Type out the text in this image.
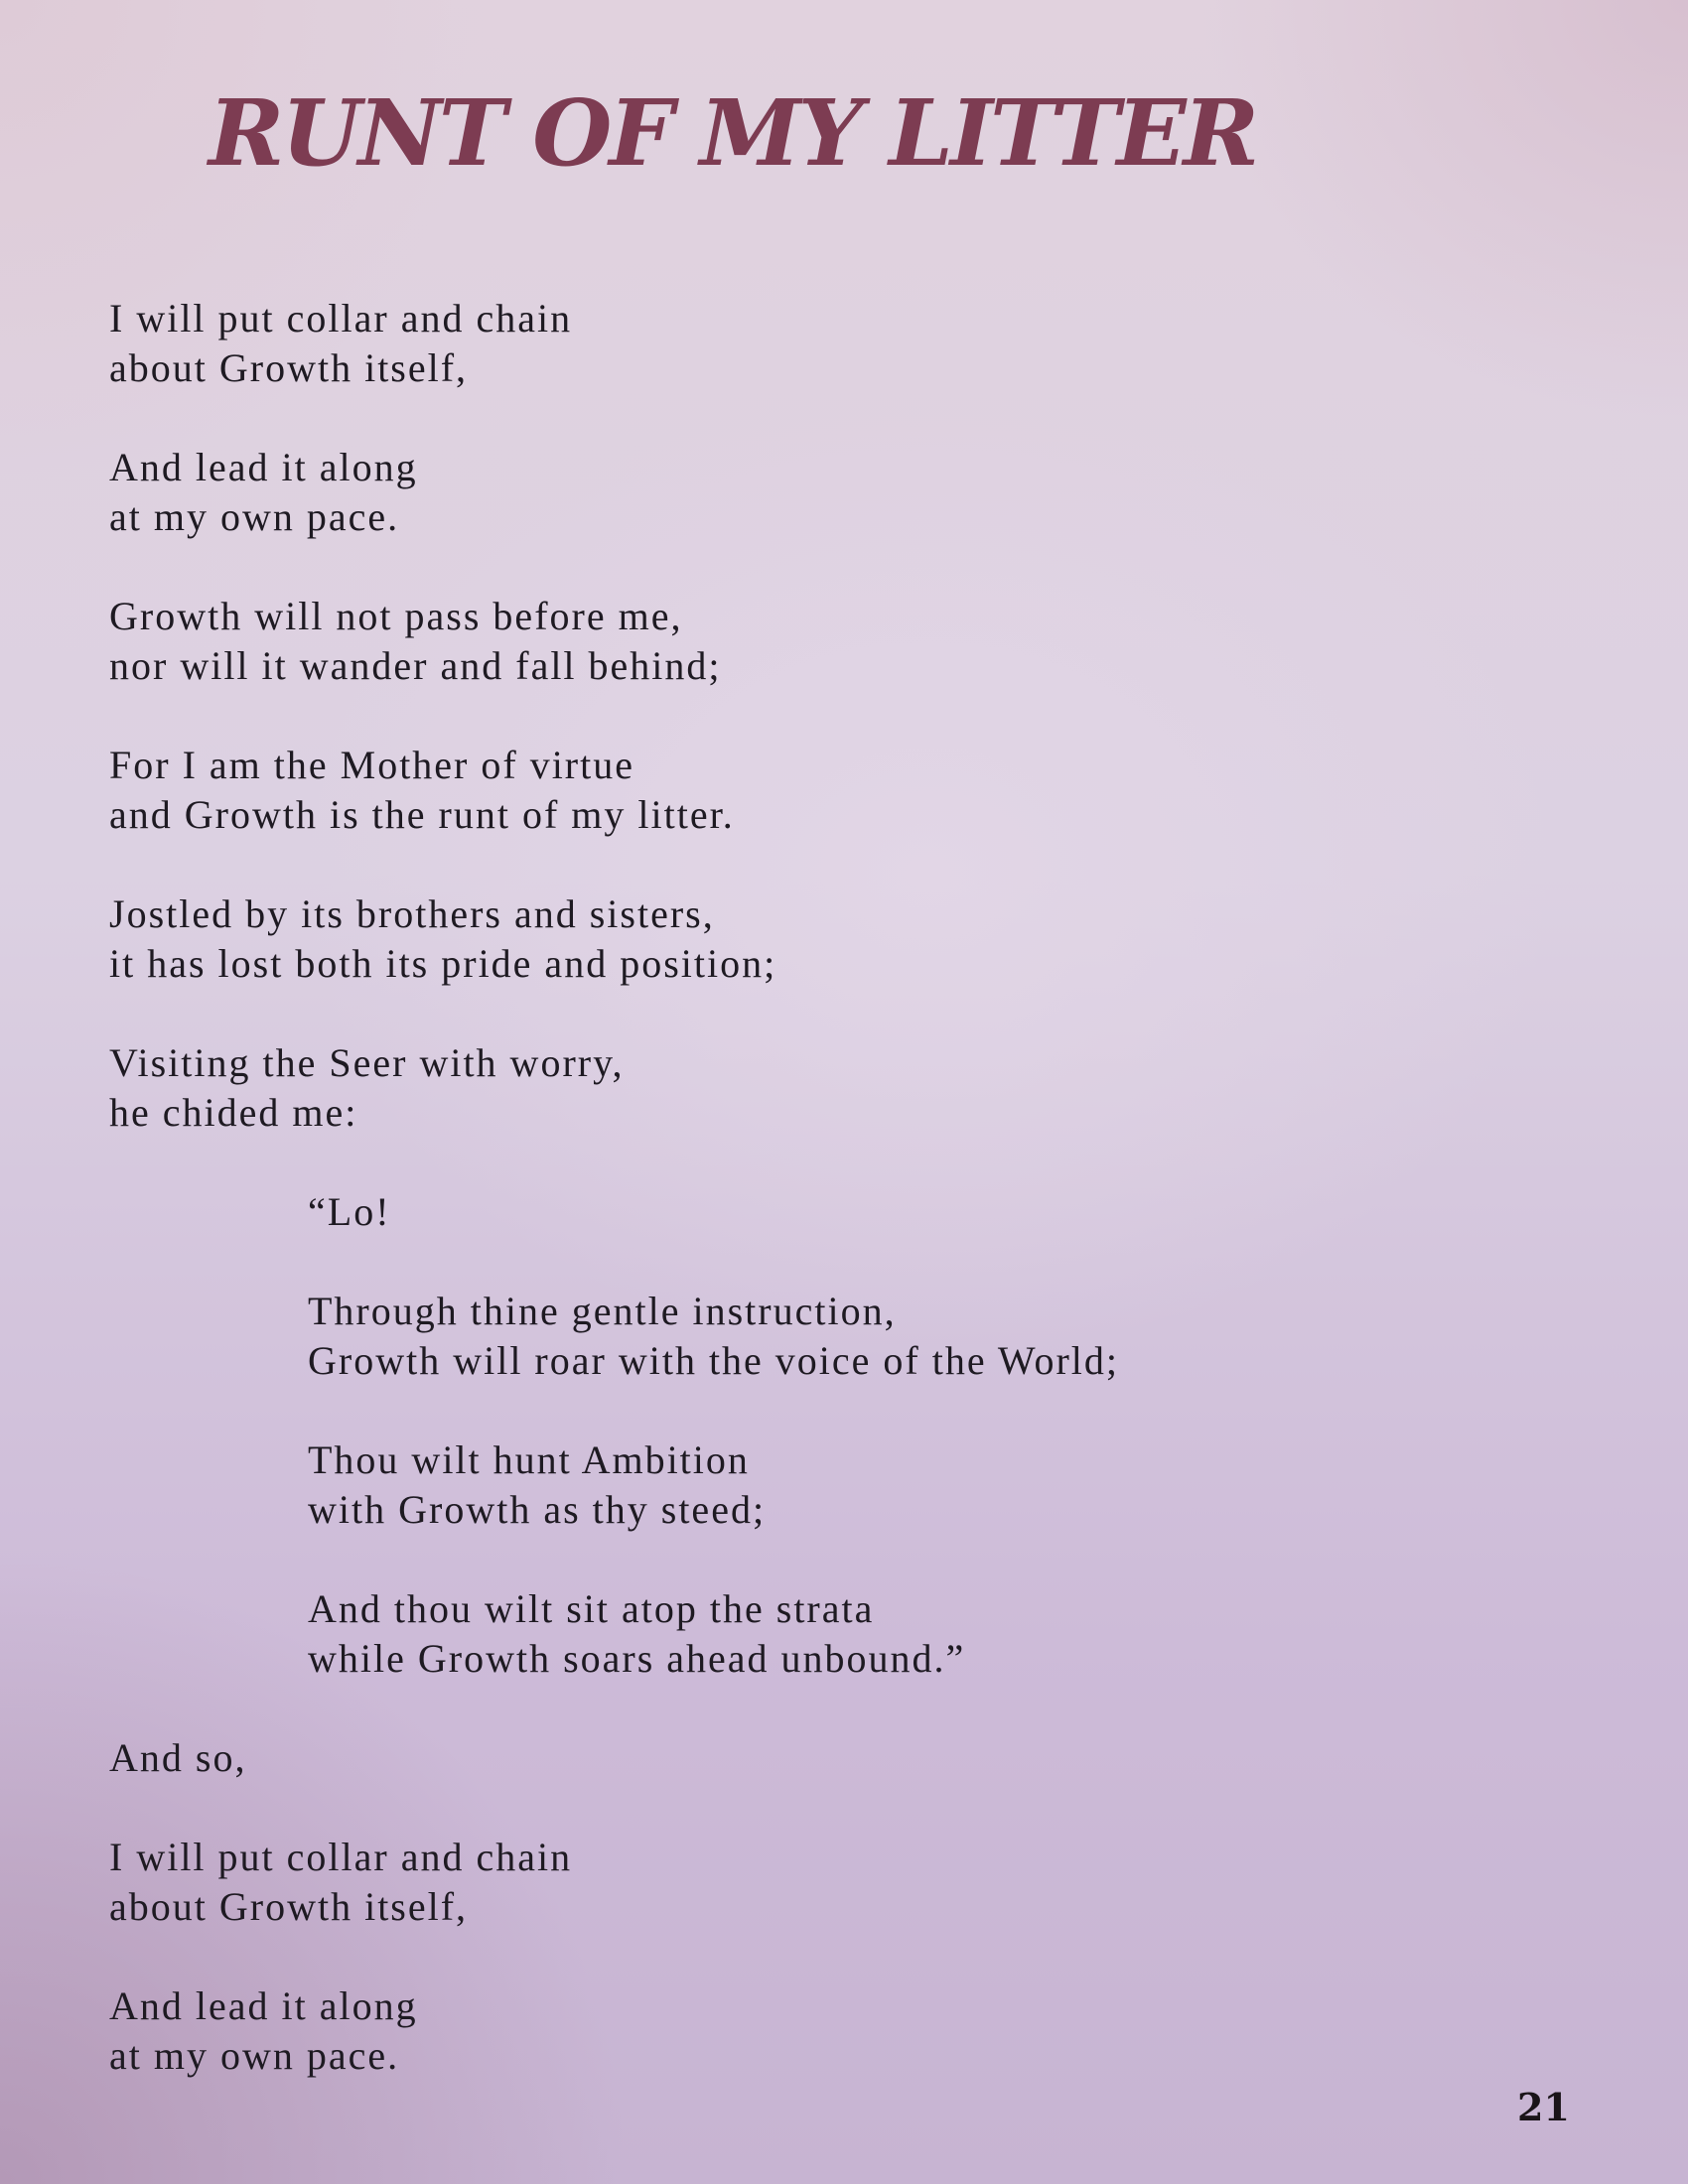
RUNT OF MY LITTER
I will put collar and chain
about Growth itself,
And lead it along
at my own pace.
Growth will not pass before me,
nor will it wander and fall behind;
For I am the Mother of virtue
and Growth is the runt of my litter.
Jostled by its brothers and sisters,
it has lost both its pride and position;
Visiting the Seer with worry,
he chided me:
“Lo!
Through thine gentle instruction,
Growth will roar with the voice of the World;
Thou wilt hunt Ambition
with Growth as thy steed;
And thou wilt sit atop the strata
while Growth soars ahead unbound.”
And so,
I will put collar and chain
about Growth itself,
And lead it along
at my own pace.
21
